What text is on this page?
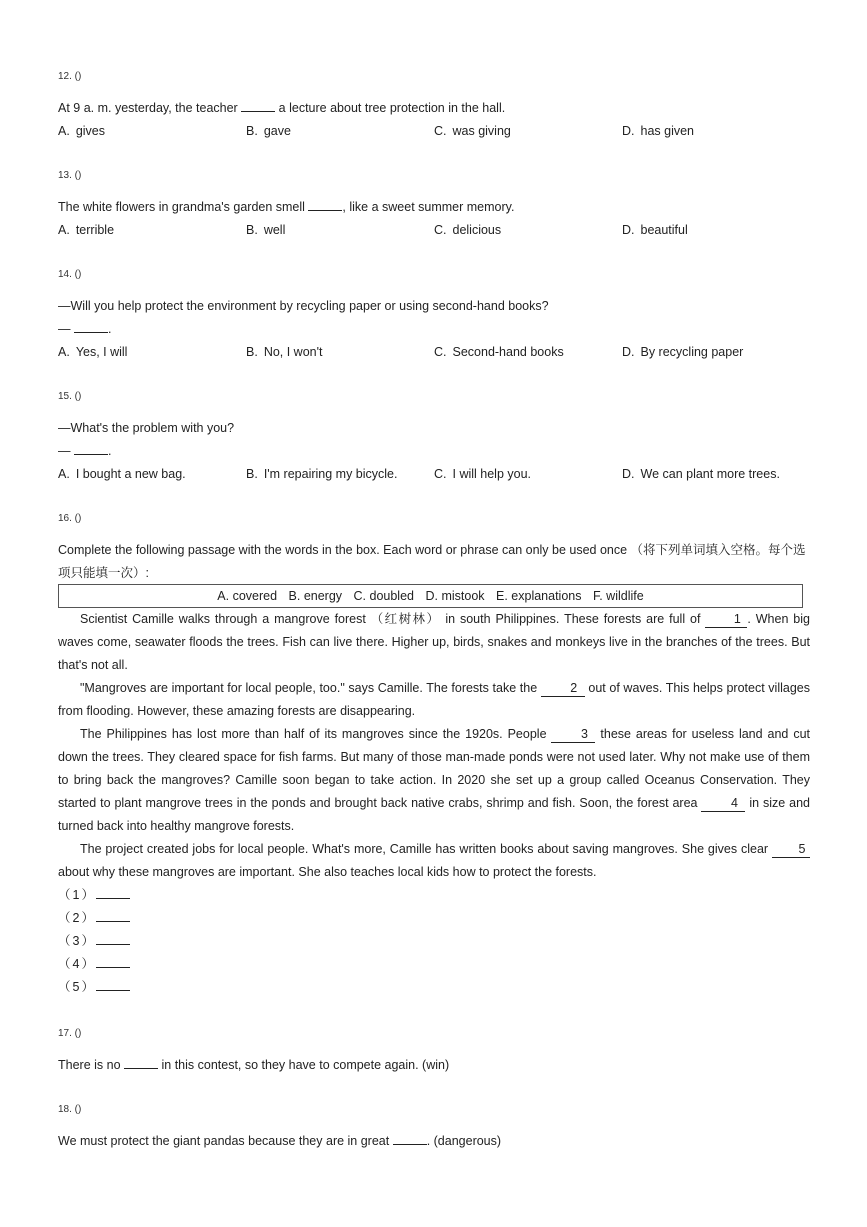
12. ()
At 9 a. m. yesterday, the teacher	a lecture about tree protection in the hall.
A. gives	B. gave	C. was giving	D. has given
13. ()
The white flowers in grandma's garden smell	, like a sweet summer memory.
A. terrible	B. well	C. delicious	D. beautiful
14. ()
—Will you help protect the environment by recycling paper or using second-hand books?
—	.
A. Yes, I will	B. No, I won't	C. Second-hand books	D. By recycling paper
15. ()
—What's the problem with you?
—	.
A. I bought a new bag.	B. I'm repairing my bicycle.	C. I will help you.	D. We can plant more trees.
16. ()
Complete the following passage with the words in the box. Each word or phrase can only be used once （将下列单词填入空格。每个选项只能填一次）:
A. covered B. energy C. doubled D. mistook E. explanations F. wildlife

Scientist Camille walks through a mangrove forest （红树林） in south Philippines. These forests are full of 1 . When big waves come, seawater floods the trees. Fish can live there. Higher up, birds, snakes and monkeys live in the branches of the trees. But that's not all.

"Mangroves are important for local people, too." says Camille. The forests take the 2 out of waves. This helps protect villages from flooding. However, these amazing forests are disappearing.

The Philippines has lost more than half of its mangroves since the 1920s. People 3 these areas for useless land and cut down the trees. They cleared space for fish farms. But many of those man-made ponds were not used later. Why not make use of them to bring back the mangroves? Camille soon began to take action. In 2020 she set up a group called Oceanus Conservation. They started to plant mangrove trees in the ponds and brought back native crabs, shrimp and fish. Soon, the forest area 4 in size and turned back into healthy mangrove forests.

The project created jobs for local people. What's more, Camille has written books about saving mangroves. She gives clear 5 about why these mangroves are important. She also teaches local kids how to protect the forests.

（1）
（2）
（3）
（4）
（5）
17. ()
There is no	in this contest, so they have to compete again. (win)
18. ()
We must protect the giant pandas because they are in great	. (dangerous)
